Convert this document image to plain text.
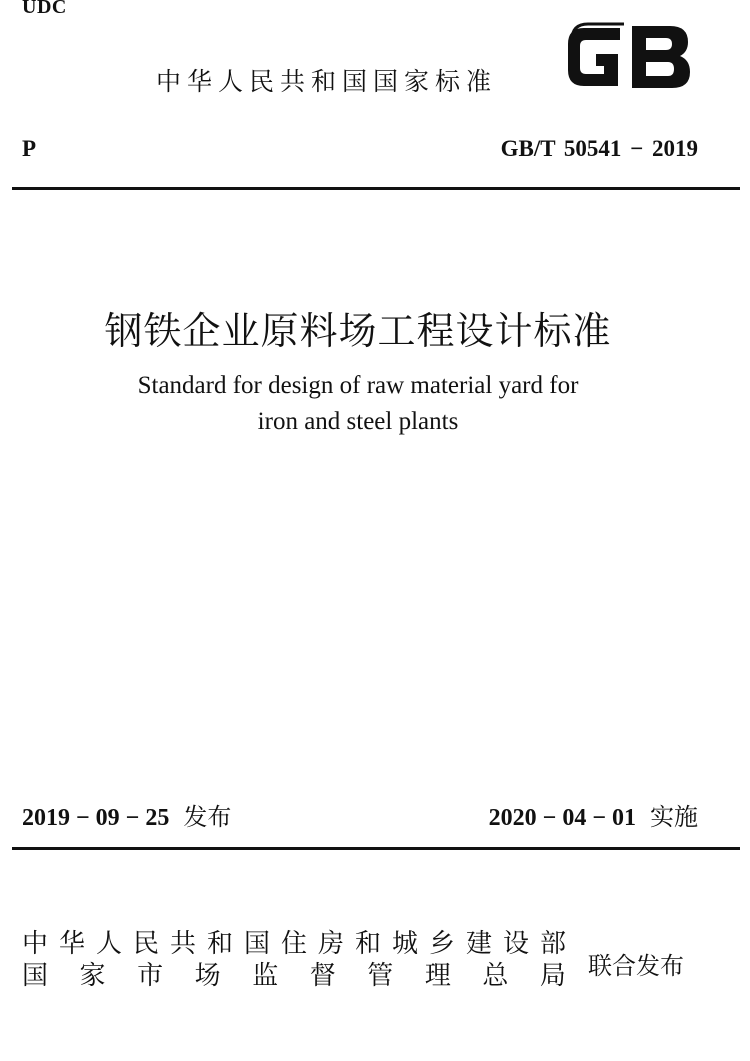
UDC
中华人民共和国国家标准
P	GB/T 50541 − 2019
钢铁企业原料场工程设计标准
Standard for design of raw material yard for
iron and steel plants
2019 − 09 − 25 发布	2020 − 04 − 01 实施
中 华 人 民 共 和 国 住 房 和 城 乡 建 设 部
国 家 市 场 监 督 管 理 总 局 联合发布
